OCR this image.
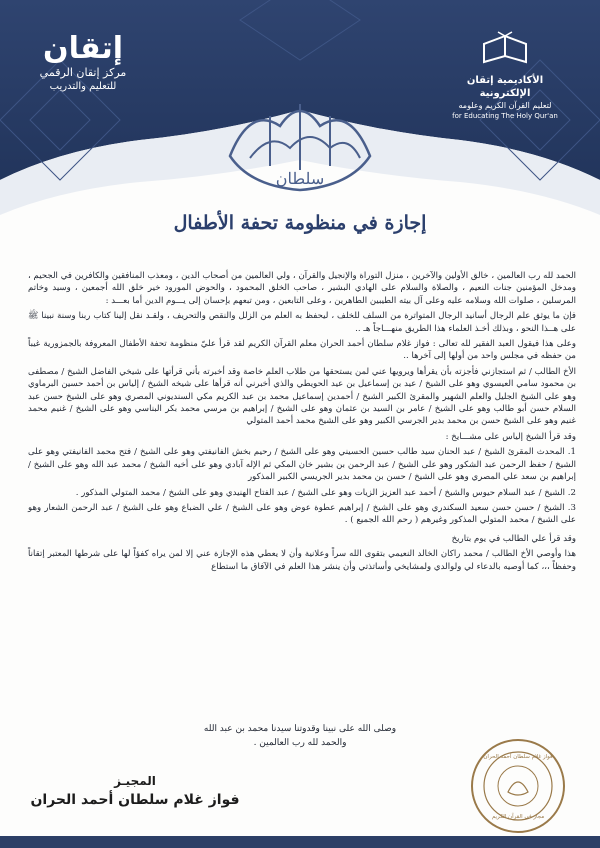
إتقان
مركز إتقان الرقمي
للتعليم والتدريب
الأكاديمية إتقان الإلكترونية
لتعليم القرآن الكريم وعلومه
for Educating The Holy Qur'an
سلطان
إجازة في منظومة تحفة الأطفال

الحمد لله رب العالمين ، خالق الأولين والآخرين ، منزل التوراة والإنجيل والقرآن ، ولي العالمين من أصحاب الدين ، ومعذب المنافقين والكافرين في الجحيم ، ومدخل المؤمنين جنات النعيم ، والصلاة والسلام على الهادي البشير ، صاحب الخلق المحمود ، والحوض المورود خير خلق الله أجمعين ، وسيد وخاتم المرسلين ، صلوات الله وسلامه عليه وعلى آل بيته الطيبين الطاهرين ، وعلى التابعين ، ومن تبعهم بإحسان إلى يـــوم الدين أما بعـــد :

فإن ما يوثق علم الرجال أسانيد الرجال المتواترة من السلف للخلف ، ليحفظ به العلم من الزلل والنقص والتحريف ، ولقـد نقل إلينا كتاب ربنا وسنة نبينا ﷺ على هــذا النحو ، وبذلك أخـذ العلماء هذا الطريق منهـــاجاً هـ ..

وعلى هذا فيقول العبد الفقير لله تعالى : فواز غلام سلطان أحمد الحران معلم القرآن الكريم لقد قرأ عليّ منظومة تحفة الأطفال المعروفة بالجمزورية غيباً من حفظه في مجلس واحد من أولها إلى آخرها ..

الأخ الطالب / ثم استجازني فأجزته بأن يقرأها ويرويها عني لمن يستحقها من طلاب العلم خاصة وقد أخبرته بأني قرأتها على شيخي الفاضل الشيخ / مصطفى بن محمود سامي العيسوي وهو على الشيخ / عيد بن إسماعيل بن عيد الحويطي والذي أخبرني أنه قرأها على شيخه الشيخ / إلياس بن أحمد حسين البرماوي وهو على الشيخ الجليل والعلم الشهير والمقرئ الكبير الشيخ / أحمدين إسماعيل محمد بن عبد الكريم مكي السنديوني المصري وهو على الشيخ حسن عبد السلام حسن أبو طالب وهو على الشيخ / عامر بن السيد بن عثمان وهو على الشيخ / إبراهيم بن مرسي محمد بكر البناسي وهو على الشيخ / غنيم محمد غنيم وهو على الشيخ حسن بن محمد بدير الجرسي الكبير وهو على الشيخ محمد أحمد المتولي

وقد قرأ الشيخ إلياس على مشـــايخ :

1. المحدث المقرئ الشيخ / عبد الحنان سيد طالب حسين الحسيني وهو على الشيخ / رحيم بخش الفانيفتي وهو على الشيخ / فتح محمد الفانيفتي وهو على الشيخ / حفظ الرحمن عبد الشكور وهو على الشيخ / عبد الرحمن بن بشير خان المكي ثم الإله آبادي وهو على أخيه الشيخ / محمد عبد الله وهو على الشيخ / إبراهيم بن سعد علي المصري وهو على الشيخ / حسن بن محمد بدير الجريسي الكبير المذكور

2. الشيخ / عبد السلام حيوس والشيخ / أحمد عبد العزيز الزيات وهو على الشيخ / عبد الفتاح الهنيدي وهو على الشيخ / محمد المتولي المذكور .

3. الشيخ / حسن حسن سعيد السكندري وهو على الشيخ / إبراهيم عطوة عوض وهو على الشيخ / علي الضباع وهو على الشيخ / عبد الرحمن الشعار وهو على الشيخ / محمد المتولي المذكور وغيرهم ( رحم الله الجميع ) .

وقد قرأ علي الطالب في يوم بتاريخ

هذا وأوصي الأخ الطالب / محمد راكان الخالد النعيمي بتقوى الله سراً وعلانية وأن لا يعطي هذه الإجازة عني إلا لمن يراه كفؤاً لها على شرطها المعتبر إتقاناً وحفظاً ،،، كما أوصيه بالدعاء لي ولوالدي ولمشايخي وأساتذتي وأن ينشر هذا العلم في الآفاق ما استطاع

وصلى الله على نبينا وقدوتنا سيدنا محمد بن عبد الله
والحمد لله رب العالمين .
المجيـز
فواز غلام سلطان أحمد الحران
فواز غلام سلطان أحمد الحران
مجاز في القرآن الكريم
